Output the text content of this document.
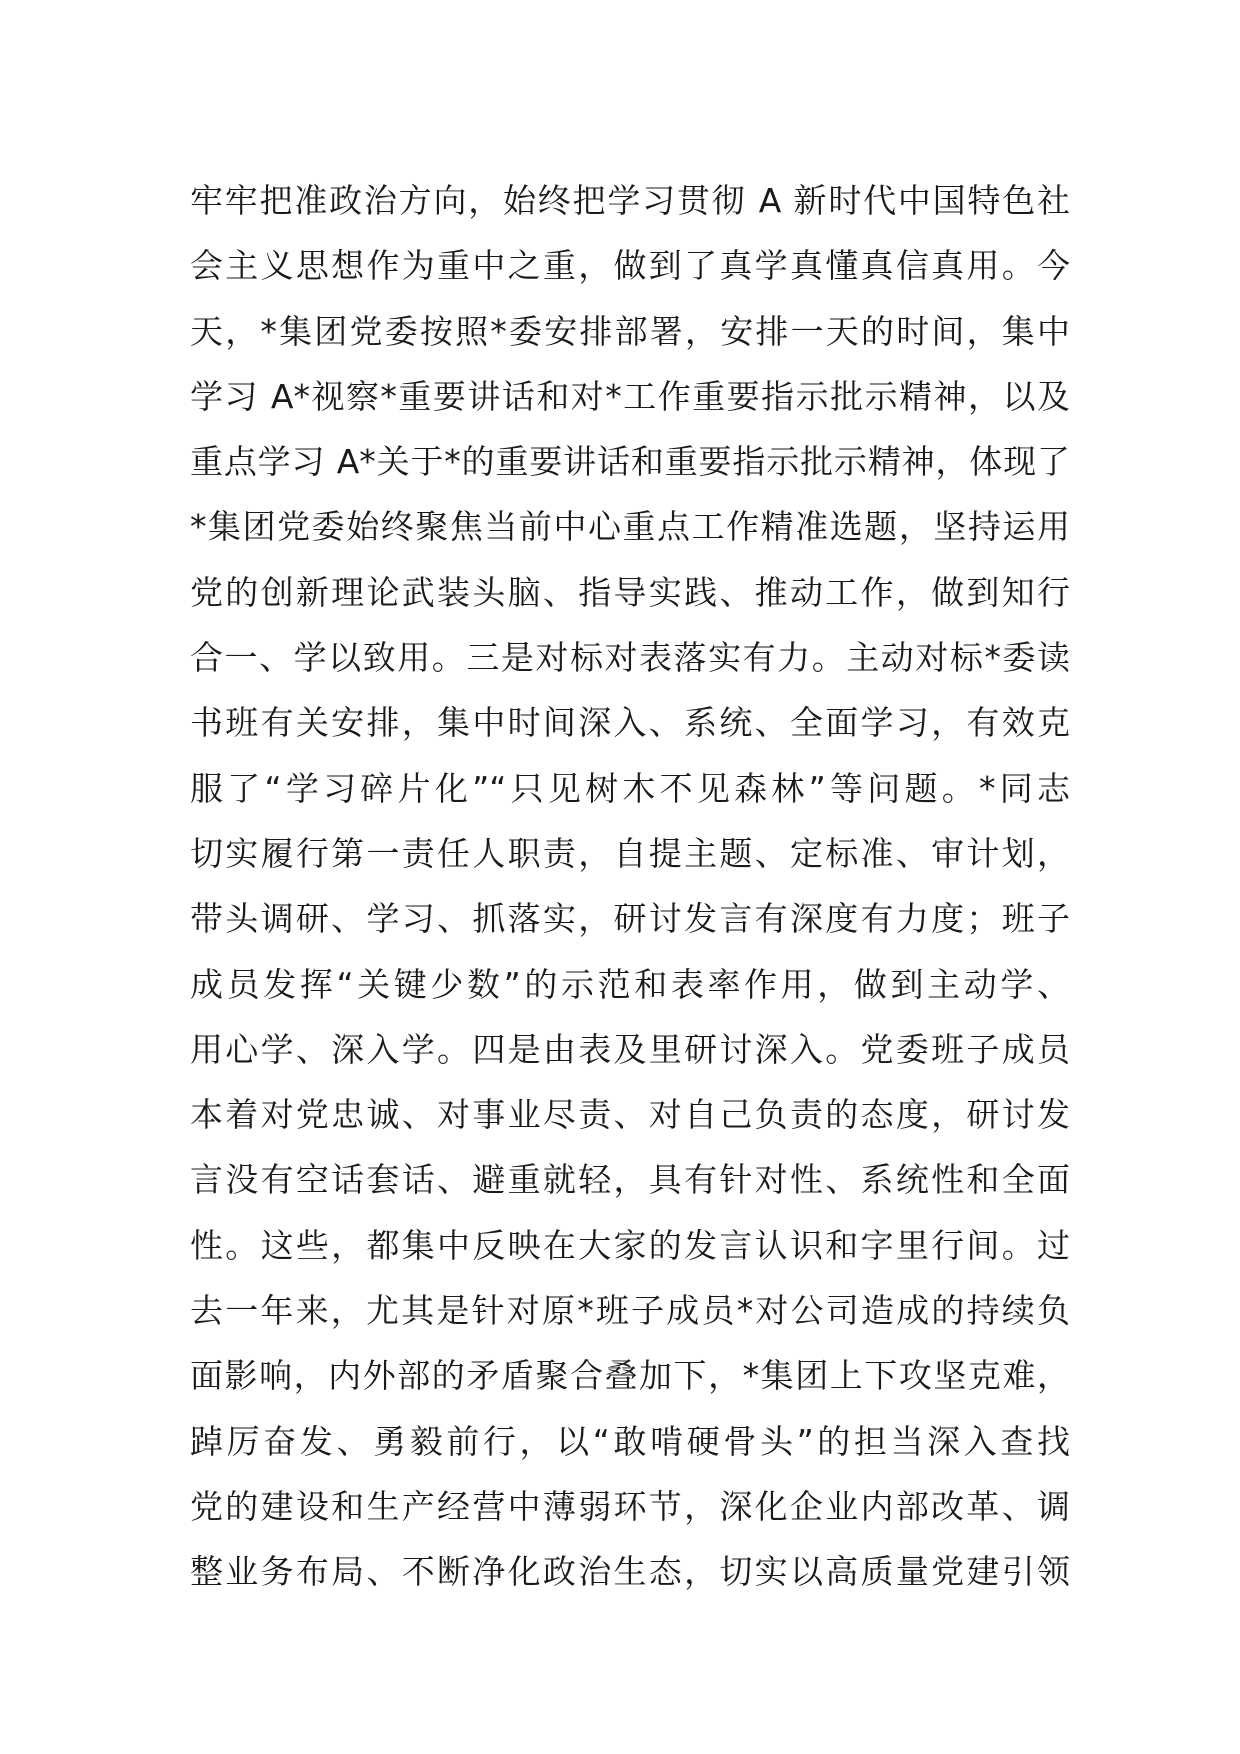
牢牢把准政治方向，始终把学习贯彻 A 新时代中国特色社
会主义思想作为重中之重，做到了真学真懂真信真用。今
天，*集团党委按照*委安排部署，安排一天的时间，集中
学习 A*视察*重要讲话和对*工作重要指示批示精神，以及
重点学习 A*关于*的重要讲话和重要指示批示精神，体现了
*集团党委始终聚焦当前中心重点工作精准选题，坚持运用
党的创新理论武装头脑、指导实践、推动工作，做到知行
合一、学以致用。三是对标对表落实有力。主动对标*委读
书班有关安排，集中时间深入、系统、全面学习，有效克
服了“学习碎片化”“只见树木不见森林”等问题。*同志
切实履行第一责任人职责，自提主题、定标准、审计划，
带头调研、学习、抓落实，研讨发言有深度有力度；班子
成员发挥“关键少数”的示范和表率作用，做到主动学、
用心学、深入学。四是由表及里研讨深入。党委班子成员
本着对党忠诚、对事业尽责、对自己负责的态度，研讨发
言没有空话套话、避重就轻，具有针对性、系统性和全面
性。这些，都集中反映在大家的发言认识和字里行间。过
去一年来，尤其是针对原*班子成员*对公司造成的持续负
面影响，内外部的矛盾聚合叠加下，*集团上下攻坚克难，
踔厉奋发、勇毅前行，以“敢啃硬骨头”的担当深入查找
党的建设和生产经营中薄弱环节，深化企业内部改革、调
整业务布局、不断净化政治生态，切实以高质量党建引领
